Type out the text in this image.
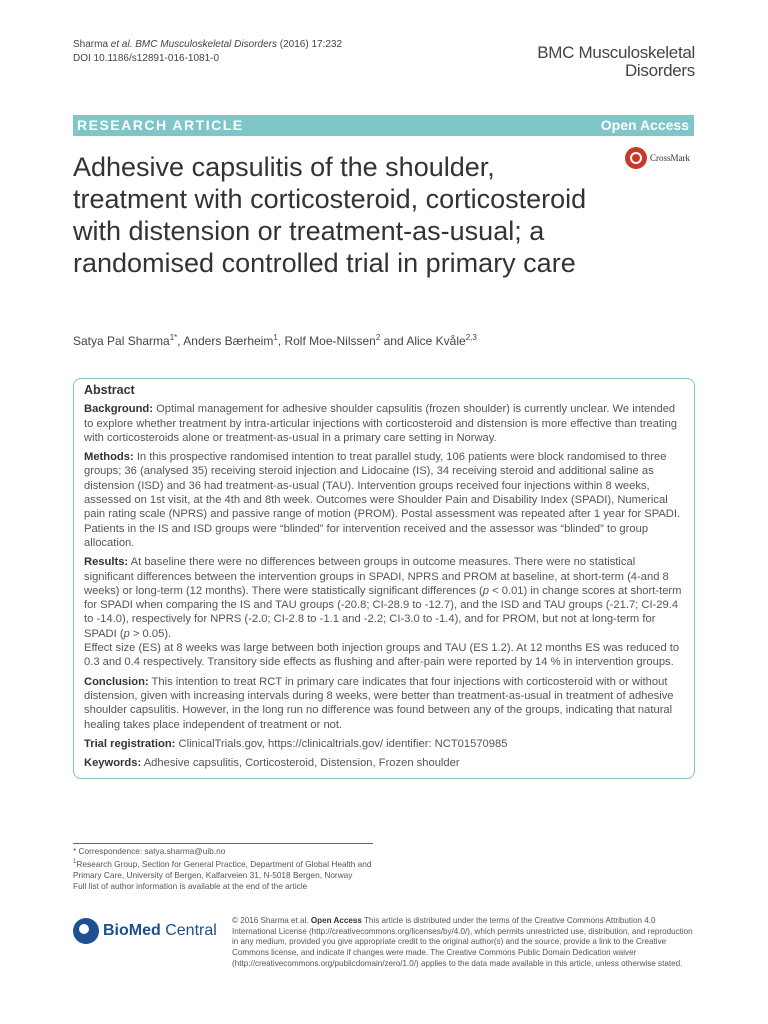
Sharma et al. BMC Musculoskeletal Disorders (2016) 17:232
DOI 10.1186/s12891-016-1081-0	BMC Musculoskeletal
Disorders
RESEARCH ARTICLE	Open Access
CrossMark
Adhesive capsulitis of the shoulder, treatment with corticosteroid, corticosteroid with distension or treatment-as-usual; a randomised controlled trial in primary care
Satya Pal Sharma$^{1*}$, Anders Bærheim$^1$, Rolf Moe-Nilssen$^2$ and Alice Kvåle$^{2,3}$
Abstract

Background: Optimal management for adhesive shoulder capsulitis (frozen shoulder) is currently unclear. We intended to explore whether treatment by intra-articular injections with corticosteroid and distension is more effective than treating with corticosteroids alone or treatment-as-usual in a primary care setting in Norway.

Methods: In this prospective randomised intention to treat parallel study, 106 patients were block randomised to three groups; 36 (analysed 35) receiving steroid injection and Lidocaine (IS), 34 receiving steroid and additional saline as distension (ISD) and 36 had treatment-as-usual (TAU). Intervention groups received four injections within 8 weeks, assessed on 1st visit, at the 4th and 8th week. Outcomes were Shoulder Pain and Disability Index (SPADI), Numerical pain rating scale (NPRS) and passive range of motion (PROM). Postal assessment was repeated after 1 year for SPADI. Patients in the IS and ISD groups were “blinded” for intervention received and the assessor was “blinded” to group allocation.

Results: At baseline there were no differences between groups in outcome measures. There were no statistical significant differences between the intervention groups in SPADI, NPRS and PROM at baseline, at short-term (4-and 8 weeks) or long-term (12 months). There were statistically significant differences (p < 0.01) in change scores at short-term for SPADI when comparing the IS and TAU groups (-20.8; CI-28.9 to -12.7), and the ISD and TAU groups (-21.7; CI-29.4 to -14.0), respectively for NPRS (-2.0; CI-2.8 to -1.1 and -2.2; CI-3.0 to -1.4), and for PROM, but not at long-term for SPADI (p > 0.05).
Effect size (ES) at 8 weeks was large between both injection groups and TAU (ES 1.2). At 12 months ES was reduced to 0.3 and 0.4 respectively. Transitory side effects as flushing and after-pain were reported by 14 % in intervention groups.

Conclusion: This intention to treat RCT in primary care indicates that four injections with corticosteroid with or without distension, given with increasing intervals during 8 weeks, were better than treatment-as-usual in treatment of adhesive shoulder capsulitis. However, in the long run no difference was found between any of the groups, indicating that natural healing takes place independent of treatment or not.

Trial registration: ClinicalTrials.gov, https://clinicaltrials.gov/ identifier: NCT01570985

Keywords: Adhesive capsulitis, Corticosteroid, Distension, Frozen shoulder

* Correspondence: satya.sharma@uib.no
$^1$Research Group, Section for General Practice, Department of Global Health and Primary Care, University of Bergen, Kalfarveien 31, N-5018 Bergen, Norway
Full list of author information is available at the end of the article
BioMed Central
© 2016 Sharma et al. Open Access This article is distributed under the terms of the Creative Commons Attribution 4.0 International License (http://creativecommons.org/licenses/by/4.0/), which permits unrestricted use, distribution, and reproduction in any medium, provided you give appropriate credit to the original author(s) and the source, provide a link to the Creative Commons license, and indicate if changes were made. The Creative Commons Public Domain Dedication waiver (http://creativecommons.org/publicdomain/zero/1.0/) applies to the data made available in this article, unless otherwise stated.
